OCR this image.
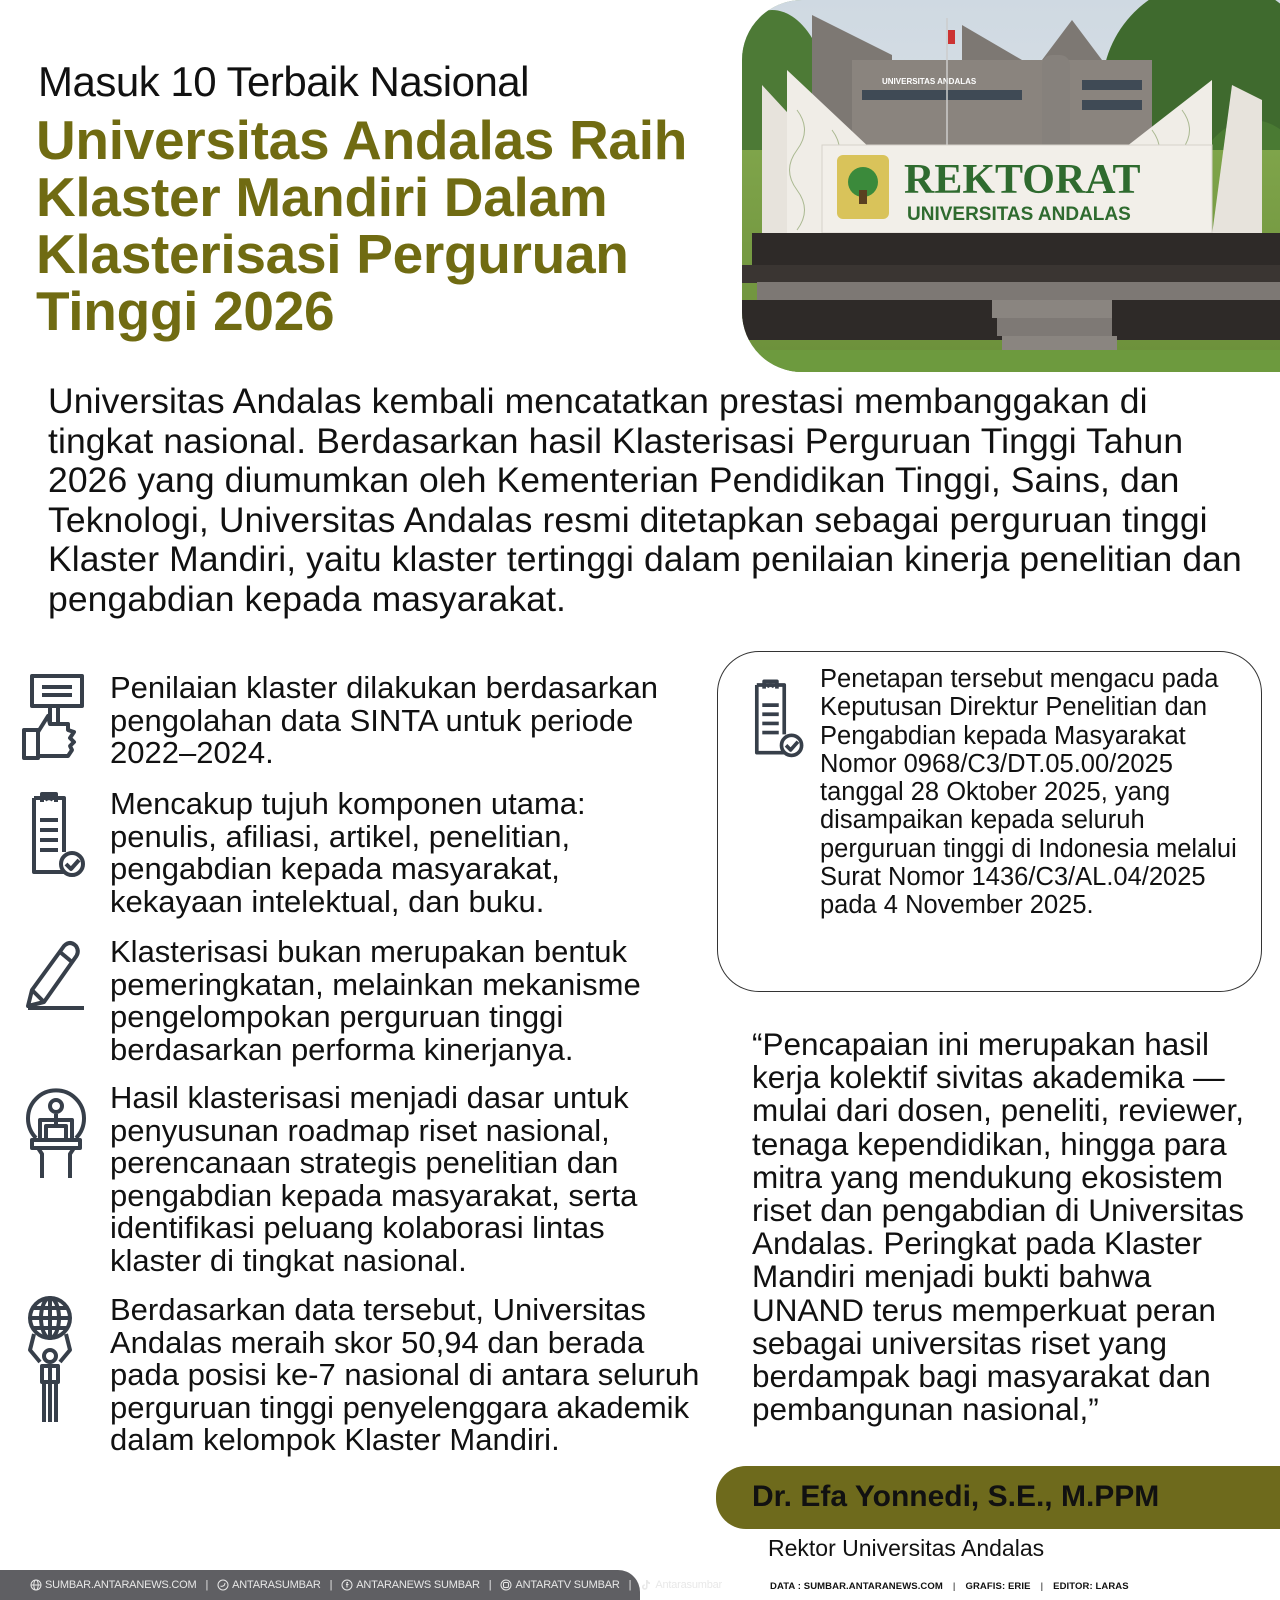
Masuk 10 Terbaik Nasional
Universitas Andalas Raih Klaster Mandiri Dalam Klasterisasi Perguruan Tinggi 2026
UNIVERSITAS ANDALAS
REKTORAT
UNIVERSITAS ANDALAS
Universitas Andalas kembali mencatatkan prestasi membanggakan di tingkat nasional. Berdasarkan hasil Klasterisasi Perguruan Tinggi Tahun 2026 yang diumumkan oleh Kementerian Pendidikan Tinggi, Sains, dan Teknologi, Universitas Andalas resmi ditetapkan sebagai perguruan tinggi Klaster Mandiri, yaitu klaster tertinggi dalam penilaian kinerja penelitian dan pengabdian kepada masyarakat.
Penilaian klaster dilakukan berdasarkan pengolahan data SINTA untuk periode 2022–2024.
Mencakup tujuh komponen utama: penulis, afiliasi, artikel, penelitian, pengabdian kepada masyarakat, kekayaan intelektual, dan buku.
Klasterisasi bukan merupakan bentuk pemeringkatan, melainkan mekanisme pengelompokan perguruan tinggi berdasarkan performa kinerjanya.
Hasil klasterisasi menjadi dasar untuk penyusunan roadmap riset nasional, perencanaan strategis penelitian dan pengabdian kepada masyarakat, serta identifikasi peluang kolaborasi lintas klaster di tingkat nasional.
Berdasarkan data tersebut, Universitas Andalas meraih skor 50,94 dan berada pada posisi ke-7 nasional di antara seluruh perguruan tinggi penyelenggara akademik dalam kelompok Klaster Mandiri.
Penetapan tersebut mengacu pada Keputusan Direktur Penelitian dan Pengabdian kepada Masyarakat Nomor 0968/C3/DT.05.00/2025 tanggal 28 Oktober 2025, yang disampaikan kepada seluruh perguruan tinggi di Indonesia melalui Surat Nomor 1436/C3/AL.04/2025 pada 4 November 2025.
“Pencapaian ini merupakan hasil kerja kolektif sivitas akademika — mulai dari dosen, peneliti, reviewer, tenaga kependidikan, hingga para mitra yang mendukung ekosistem riset dan pengabdian di Universitas Andalas. Peringkat pada Klaster Mandiri menjadi bukti bahwa UNAND terus memperkuat peran sebagai universitas riset yang berdampak bagi masyarakat dan pembangunan nasional,”
Dr. Efa Yonnedi, S.E., M.PPM
Rektor Universitas Andalas
DATA : SUMBAR.ANTARANEWS.COM | GRAFIS: ERIE | EDITOR: LARAS
SUMBAR.ANTARANEWS.COM | ANTARASUMBAR | ANTARANEWS SUMBAR | ANTARATV SUMBAR | Antarasumbar
